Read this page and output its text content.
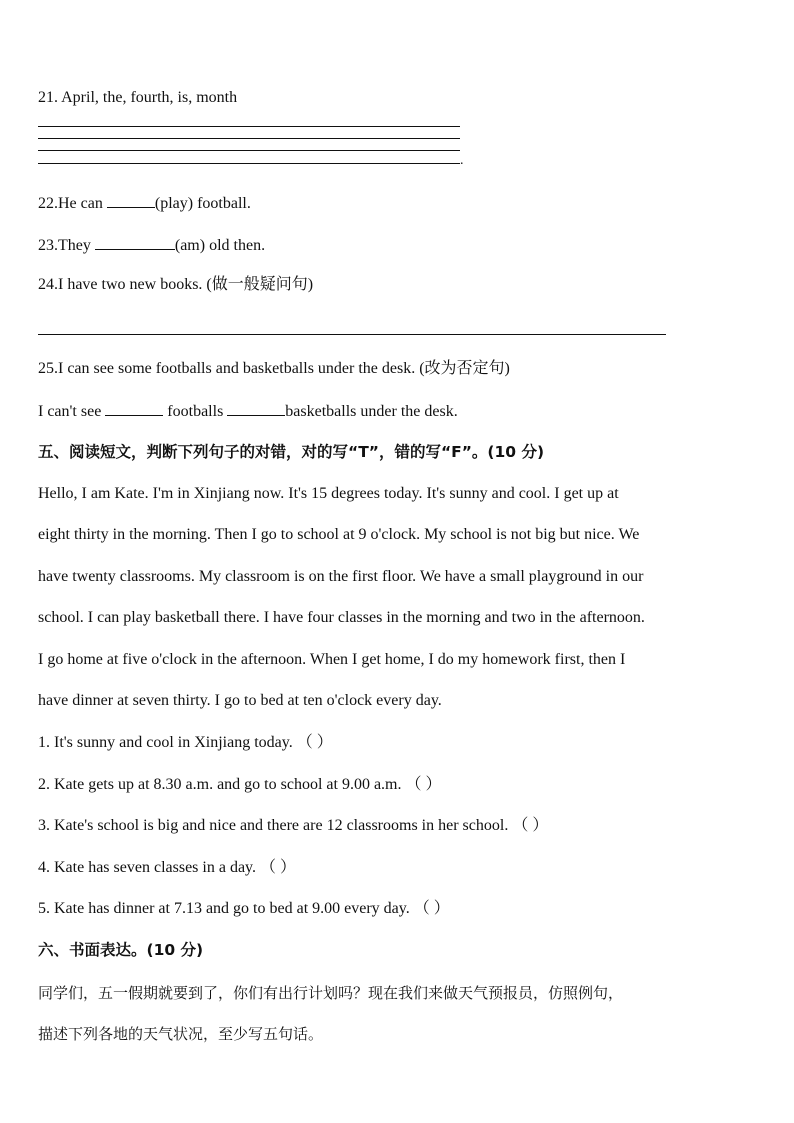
21. April, the, fourth, is, month
.
22.He can	(play) football.
23.They	(am) old then.
24.I have two new books. (做一般疑问句)
25.I can see some footballs and basketballs under the desk. (改为否定句)
I can't see	footballs	basketballs under the desk.
五、阅读短文，判断下列句子的对错，对的写“T”，错的写“F”。(10 分)
Hello, I am Kate. I'm in Xinjiang now. It's 15 degrees today. It's sunny and cool. I get up at
eight thirty in the morning. Then I go to school at 9 o'clock. My school is not big but nice. We
have twenty classrooms. My classroom is on the first floor. We have a small playground in our
school. I can play basketball there. I have four classes in the morning and two in the afternoon.
I go home at five o'clock in the afternoon. When I get home, I do my homework first, then I
have dinner at seven thirty. I go to bed at ten o'clock every day.
1. It's sunny and cool in Xinjiang today. （ ）
2. Kate gets up at 8.30 a.m. and go to school at 9.00 a.m. （ ）
3. Kate's school is big and nice and there are 12 classrooms in her school. （ ）
4. Kate has seven classes in a day. （ ）
5. Kate has dinner at 7.13 and go to bed at 9.00 every day. （ ）
六、书面表达。(10 分)
同学们，五一假期就要到了，你们有出行计划吗？现在我们来做天气预报员，仿照例句，
描述下列各地的天气状况，至少写五句话。
